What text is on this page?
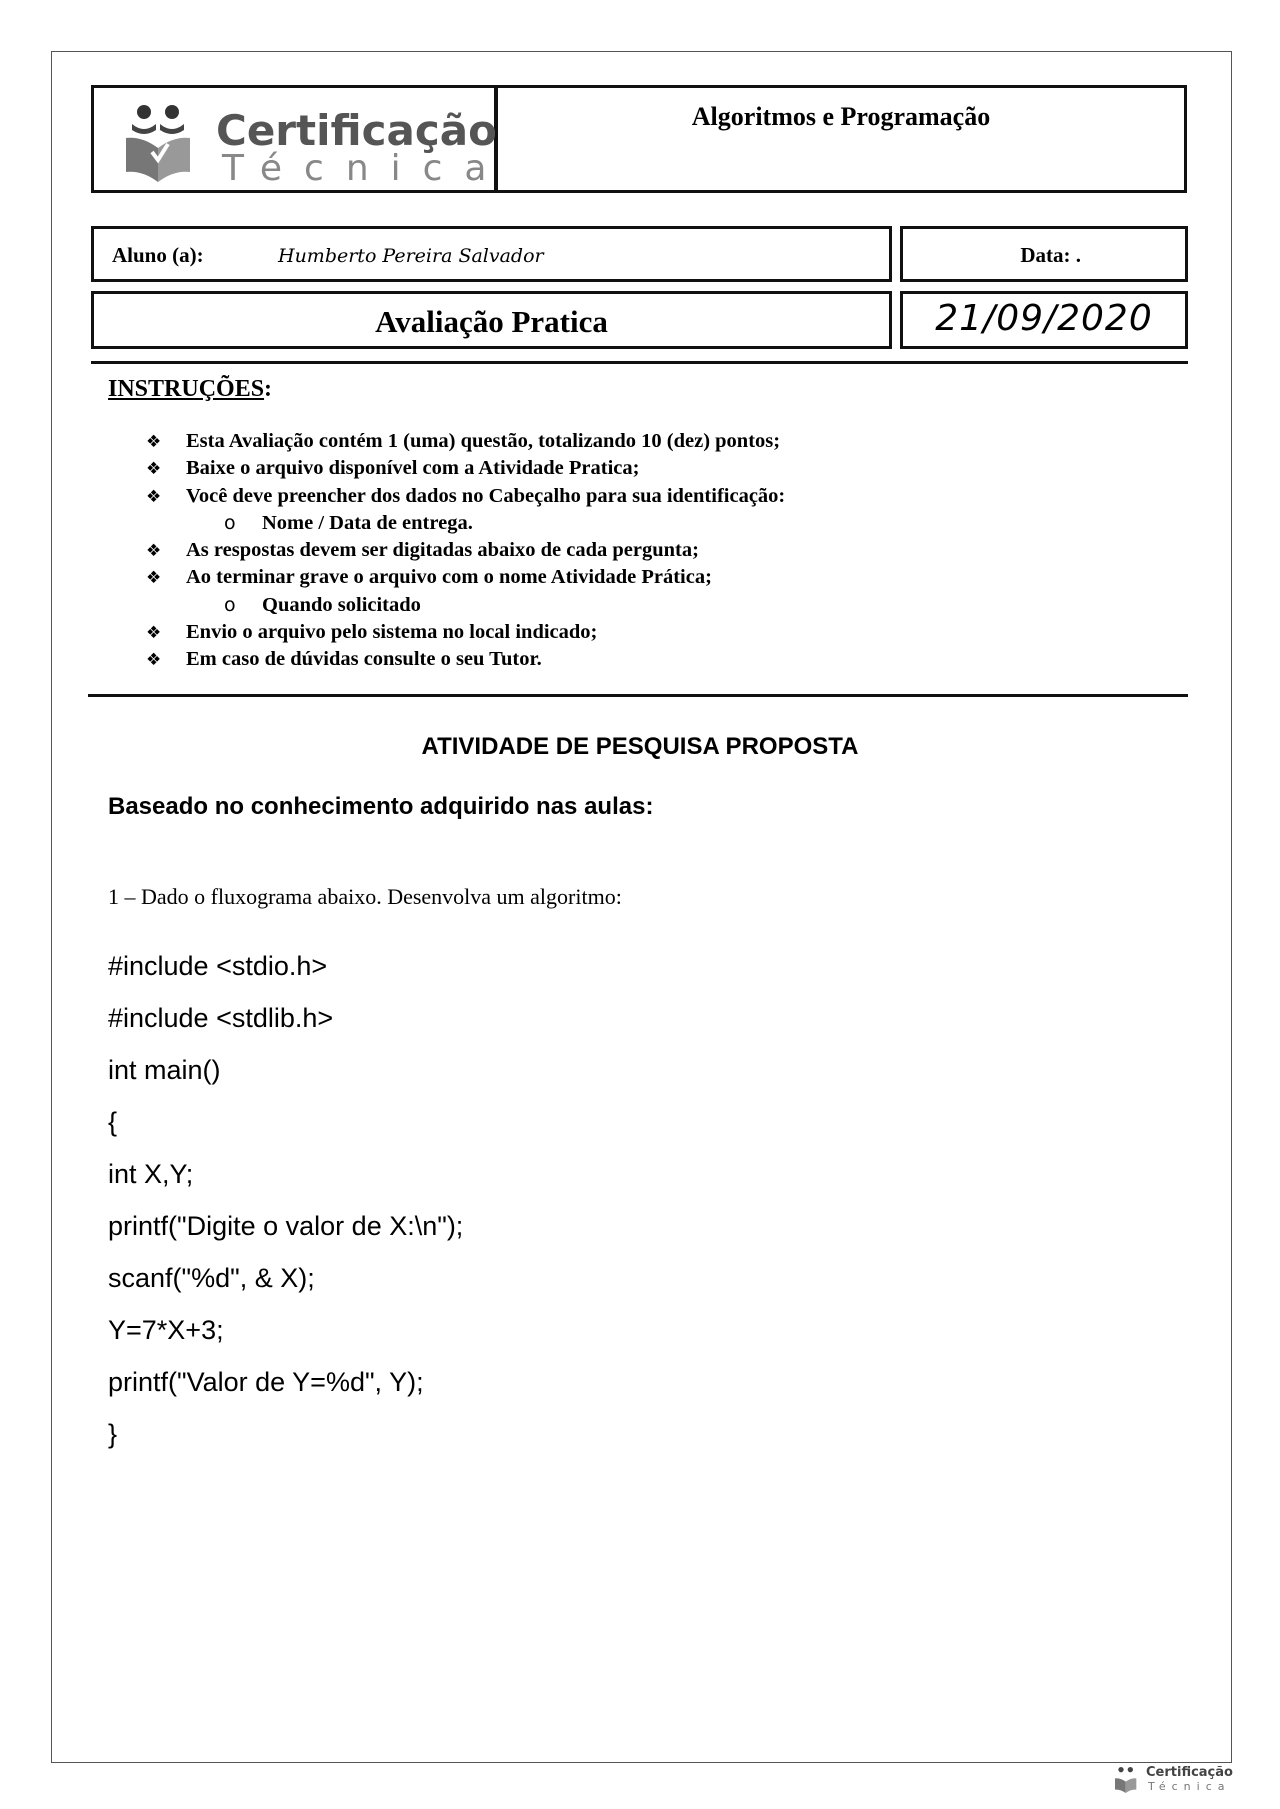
Certificação
Técnica
Algoritmos e Programação
Aluno (a):	Humberto Pereira Salvador	Data: .
Avaliação Pratica	21/09/2020
INSTRUÇÕES:
❖ Esta Avaliação contém 1 (uma) questão, totalizando 10 (dez) pontos;
❖ Baixe o arquivo disponível com a Atividade Pratica;
❖ Você deve preencher dos dados no Cabeçalho para sua identificação:
o Nome / Data de entrega.
❖ As respostas devem ser digitadas abaixo de cada pergunta;
❖ Ao terminar grave o arquivo com o nome Atividade Prática;
o Quando solicitado
❖ Envio o arquivo pelo sistema no local indicado;
❖ Em caso de dúvidas consulte o seu Tutor.
ATIVIDADE DE PESQUISA PROPOSTA
Baseado no conhecimento adquirido nas aulas:
1 – Dado o fluxograma abaixo. Desenvolva um algoritmo:
#include <stdio.h>
#include <stdlib.h>
int main()
{
int X,Y;
printf("Digite o valor de X:\n");
scanf("%d", & X);
Y=7*X+3;
printf("Valor de Y=%d", Y);
}
Certificação
Técnica
